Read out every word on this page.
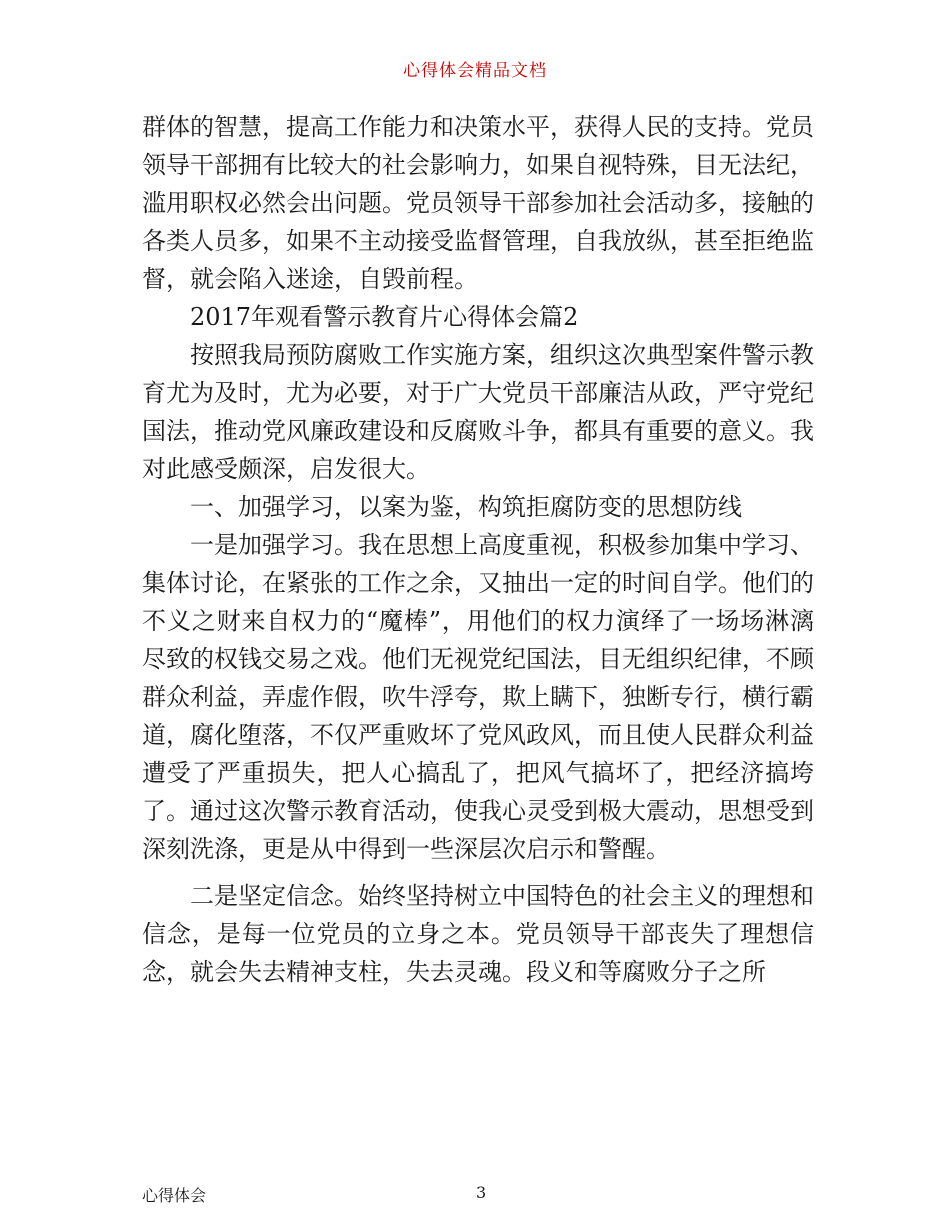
心得体会精品文档

群体的智慧，提高工作能力和决策水平，获得人民的支持。党员领导干部拥有比较大的社会影响力，如果自视特殊，目无法纪，滥用职权必然会出问题。党员领导干部参加社会活动多，接触的各类人员多，如果不主动接受监督管理，自我放纵，甚至拒绝监督，就会陷入迷途，自毁前程。

2017年观看警示教育片心得体会篇2

按照我局预防腐败工作实施方案，组织这次典型案件警示教育尤为及时，尤为必要，对于广大党员干部廉洁从政，严守党纪国法，推动党风廉政建设和反腐败斗争，都具有重要的意义。我对此感受颇深，启发很大。

一、加强学习，以案为鉴，构筑拒腐防变的思想防线

一是加强学习。我在思想上高度重视，积极参加集中学习、集体讨论，在紧张的工作之余，又抽出一定的时间自学。他们的不义之财来自权力的“魔棒”，用他们的权力演绎了一场场淋漓尽致的权钱交易之戏。他们无视党纪国法，目无组织纪律，不顾群众利益，弄虚作假，吹牛浮夸，欺上瞒下，独断专行，横行霸道，腐化堕落，不仅严重败坏了党风政风，而且使人民群众利益遭受了严重损失，把人心搞乱了，把风气搞坏了，把经济搞垮了。通过这次警示教育活动，使我心灵受到极大震动，思想受到深刻洗涤，更是从中得到一些深层次启示和警醒。

二是坚定信念。始终坚持树立中国特色的社会主义的理想和信念，是每一位党员的立身之本。党员领导干部丧失了理想信念，就会失去精神支柱，失去灵魂。段义和等腐败分子之所

心得体会	3
